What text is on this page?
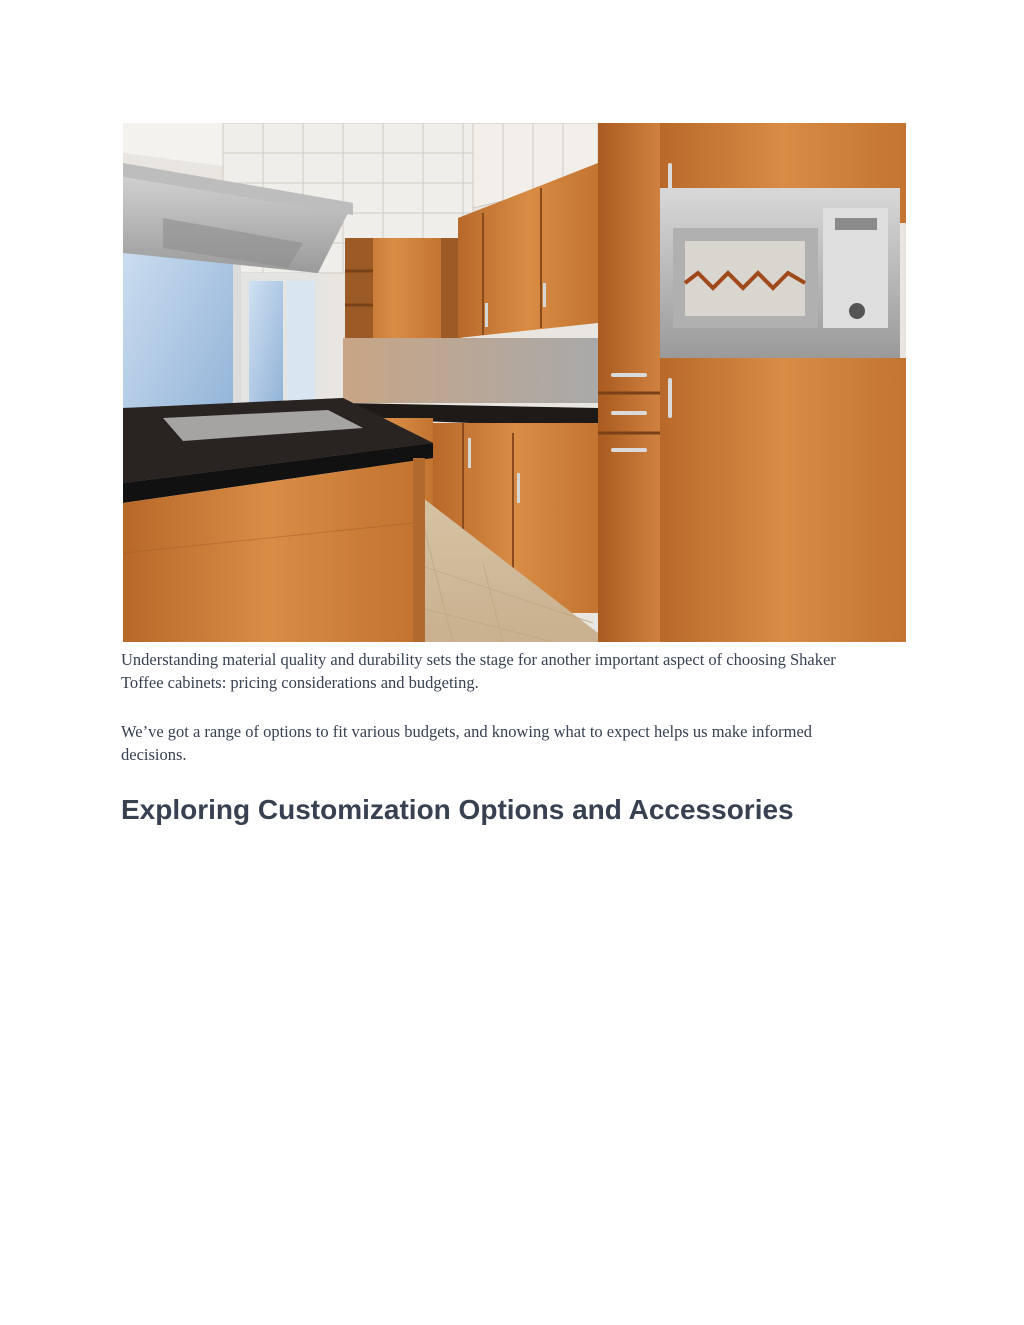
Understanding material quality and durability sets the stage for another important aspect of choosing Shaker Toffee cabinets: pricing considerations and budgeting.

We’ve got a range of options to fit various budgets, and knowing what to expect helps us make informed decisions.

Exploring Customization Options and Accessories
